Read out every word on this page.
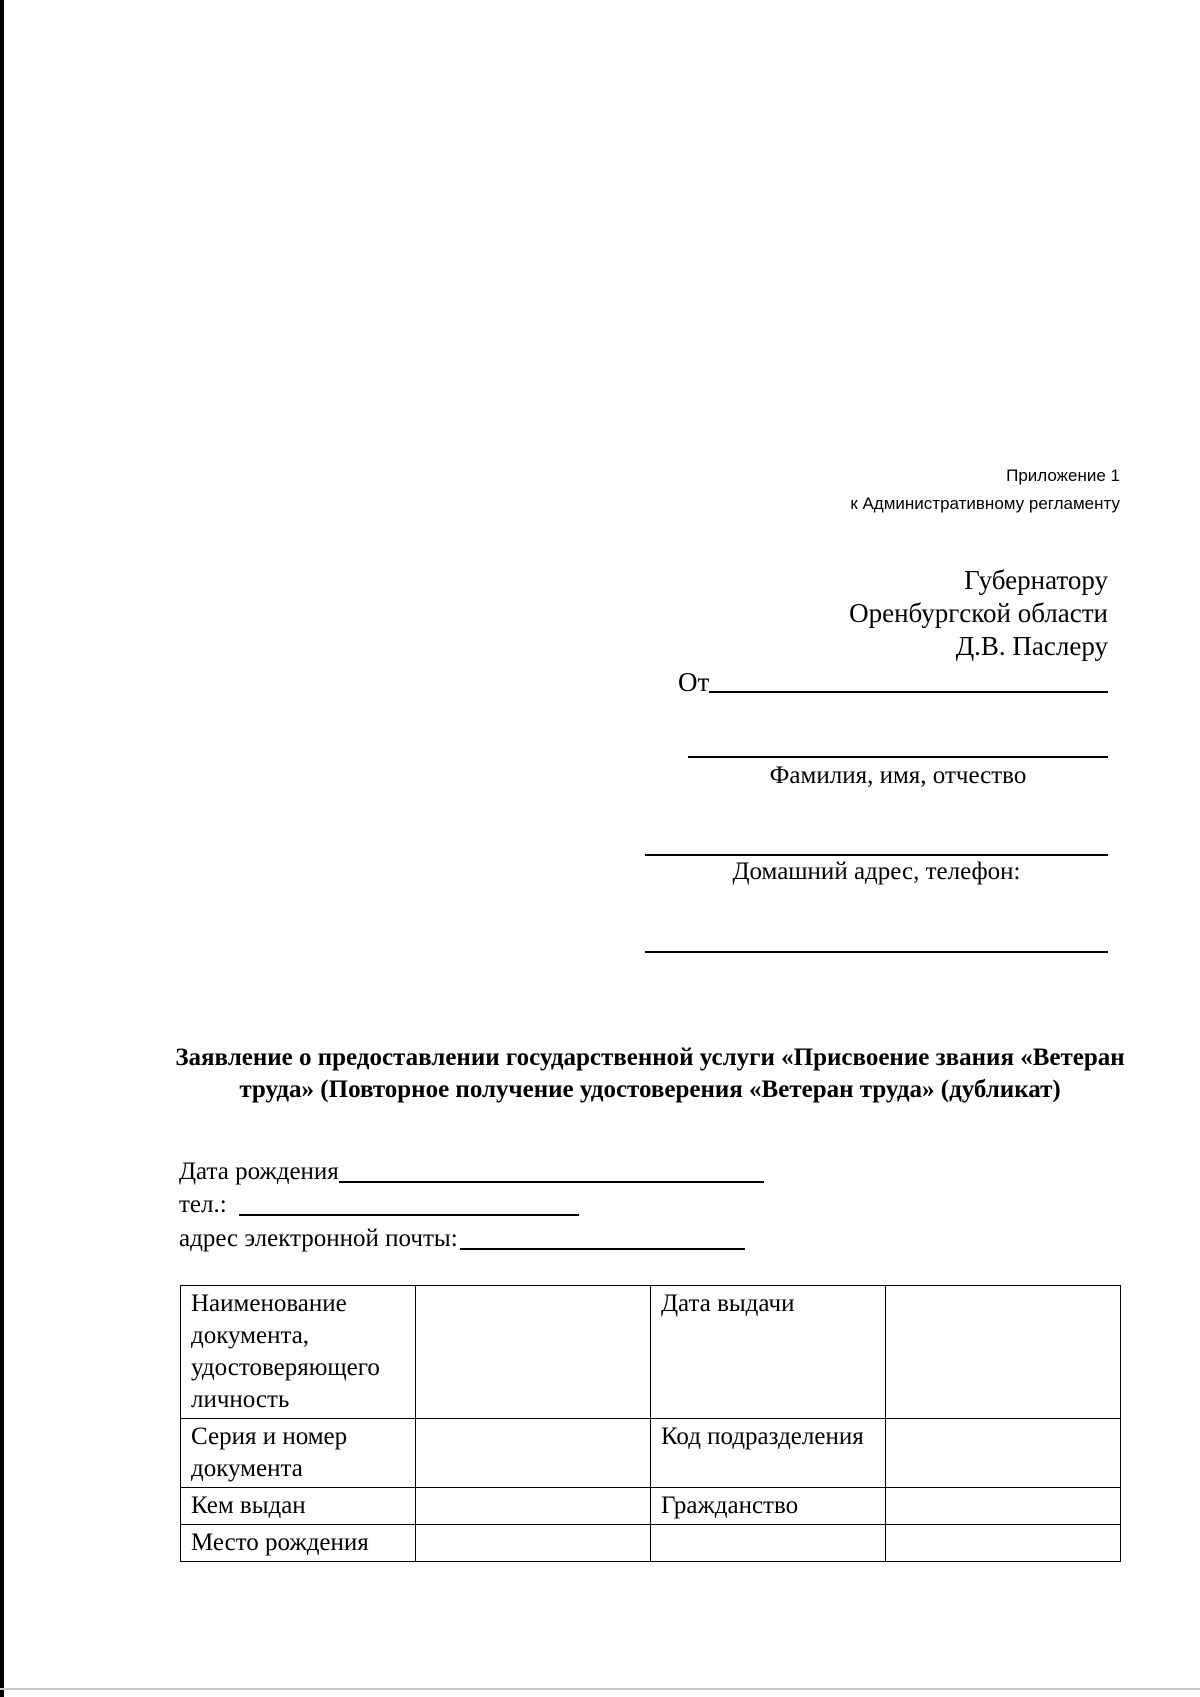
Приложение 1
к Административному регламенту
Губернатору
Оренбургской области
Д.В. Паслеру
От
Фамилия, имя, отчество
Домашний адрес, телефон:
Заявление о предоставлении государственной услуги «Присвоение звания «Ветеран труда» (Повторное получение удостоверения «Ветеран труда» (дубликат)
Дата рождения
тел.:
адрес электронной почты:
Наименование документа, удостоверяющего личность		Дата выдачи	
Серия и номер документа		Код подразделения	
Кем выдан		Гражданство	
Место рождения			
